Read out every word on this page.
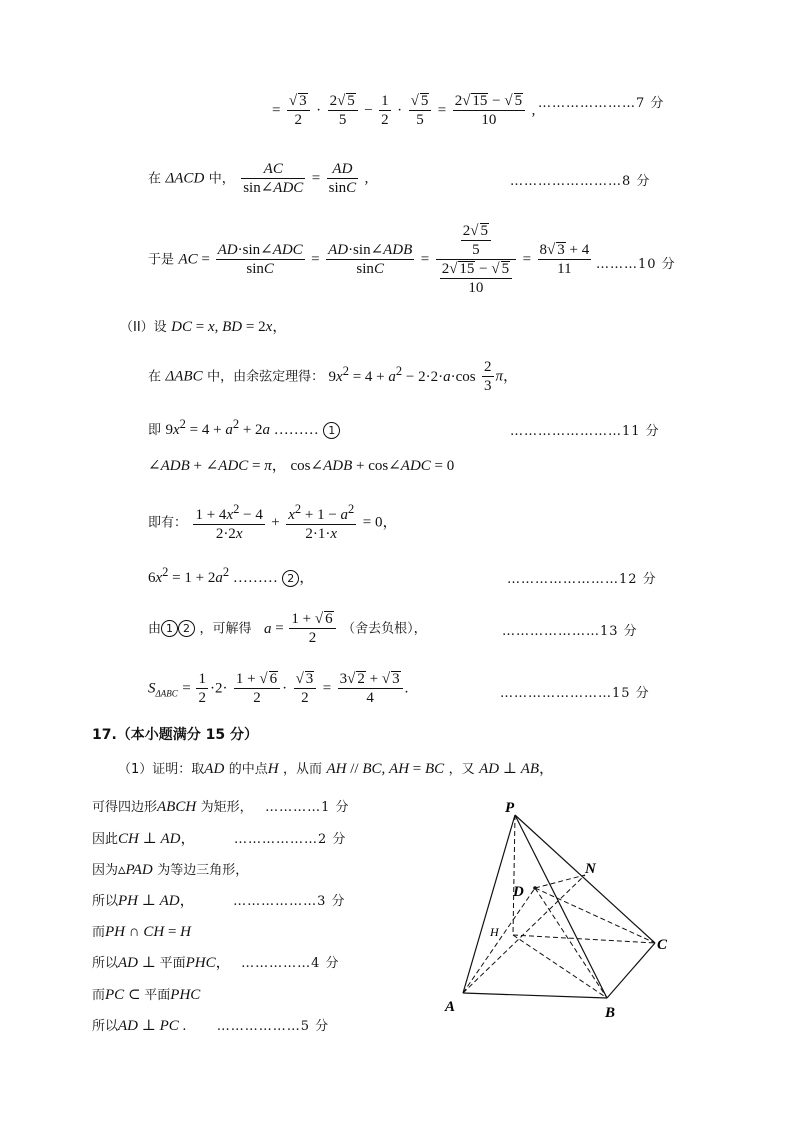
= $\frac{√ 3}{2} \cdot \frac{2√ 5}{5} - \frac{1}{2} \cdot \frac{√ 5}{5} = \frac{2√ 15 - √ 5}{10}$ , …………………7 分
在 ΔACD 中， $\frac{AC}{\text{sin∠ADC}} = \frac{AD}{\sin C}$ ,	……………………8 分
于是 AC = $\frac{\text{AD·sin∠ADC}}{\sin C} = \frac{\text{AD·sin∠ADB}}{\sin C} = \frac{\frac{2√ 5}{5}}{\frac{2√ 15 - √ 5}{10}} = \frac{8√ 3 + 4}{11}$ ………10 分
（II）设 DC = x, BD = 2x，
在 ΔABC 中，由余弦定理得： $9x^2 = 4 + a^2 - 2\cdot 2\cdot a\cdot\cos \frac{2}{3}$ π，
即 $9x^2 = 4 + a^2 + 2a$ ……… 1	……………………11 分
∠ADB + ∠ADC = π， cos∠ADB + cos∠ADC = 0
即有： $\frac{1 + 4x^2 - 4}{2\cdot 2x} + \frac{x^2 + 1 - a^2}{2\cdot 1\cdot x} = 0$，
$6x^2 = 1 + 2a^2$ ……… 2 ，	……………………12 分
由 1 2 ，可解得 $a = \frac{1 + √ 6}{2}$ （舍去负根），	…………………13 分
$S_{\Delta ABC} = \frac{1}{2} \cdot 2\cdot \frac{1 + √ 6}{2} \cdot \frac{√ 3}{2} = \frac{3√ 2 + √ 3}{4}$ .	……………………15 分
17.（本小题满分 15 分）
（1）证明：取AD 的中点H ，从而 AH // BC, AH = BC ，又 AD ⊥ AB，
可得四边形ABCH 为矩形， …………1 分
因此CH ⊥ AD，	………………2 分
因为▵PAD 为等边三角形，
所以PH ⊥ AD，	………………3 分
而PH ∩ CH = H
所以AD ⊥ 平面PHC， ……………4 分
而PC ⊂ 平面PHC
所以AD ⊥ PC . ………………5 分
P
N
D
H
C
A	B
